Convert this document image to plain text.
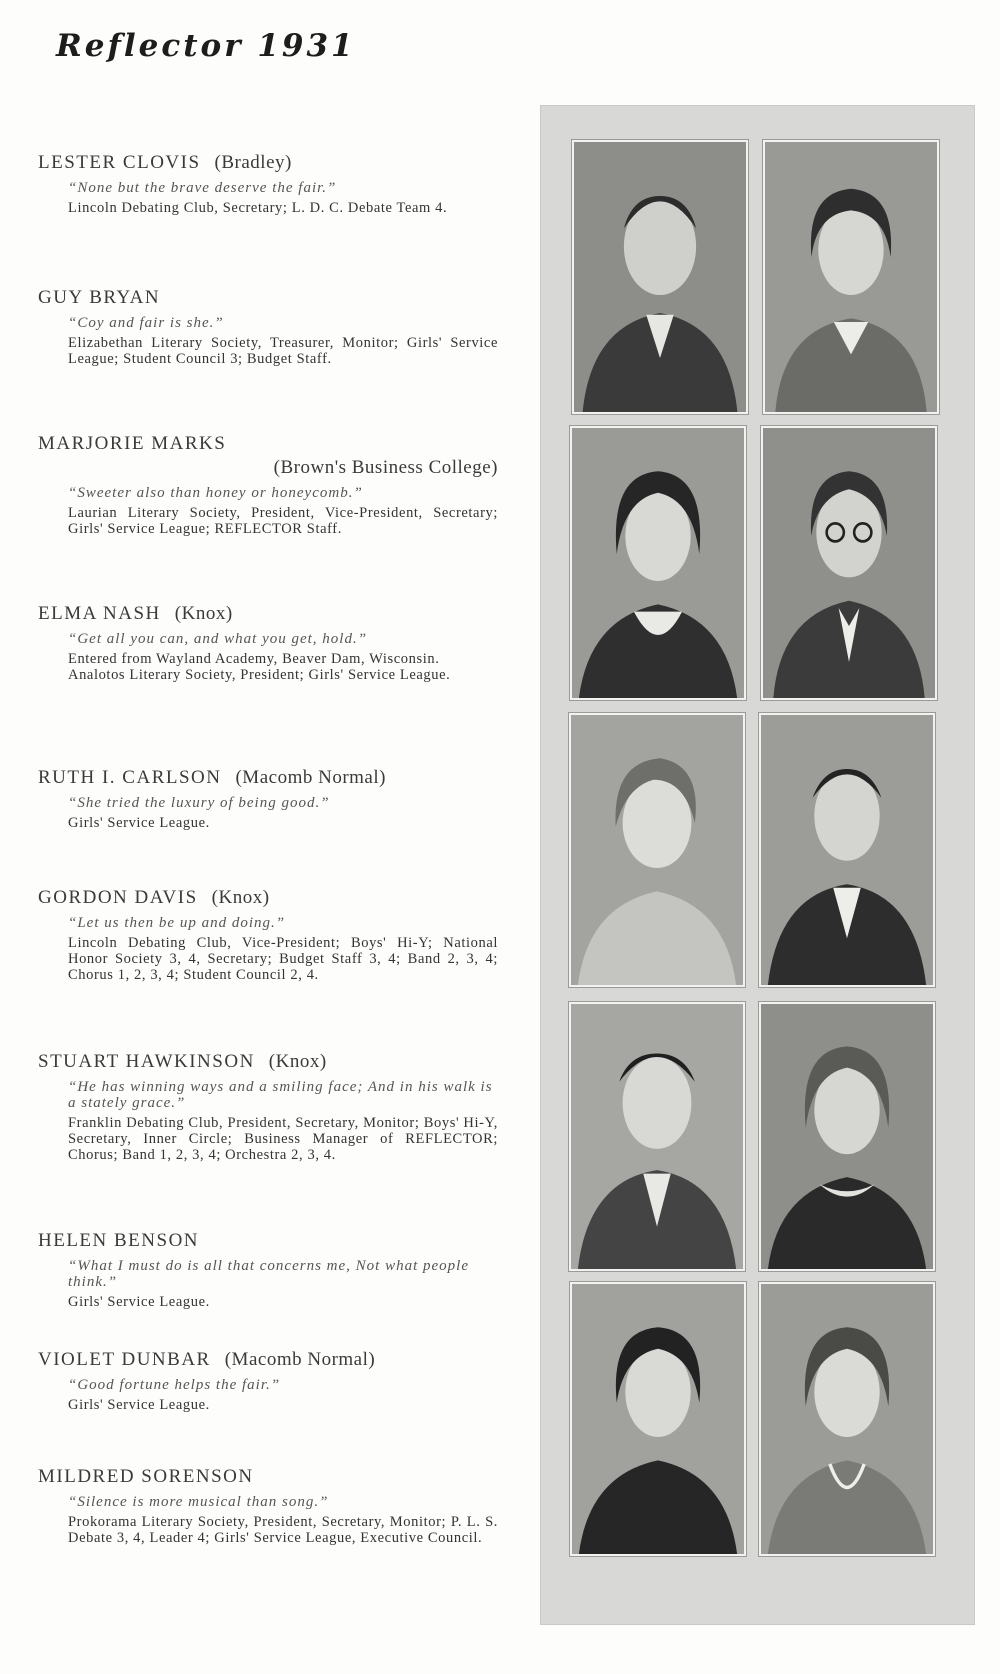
Reflector 1931
LESTER CLOVIS (Bradley)
“None but the brave deserve the fair.”
Lincoln Debating Club, Secretary; L. D. C. Debate Team 4.
GUY BRYAN
“Coy and fair is she.”
Elizabethan Literary Society, Treasurer, Monitor; Girls' Service League; Student Council 3; Budget Staff.
MARJORIE MARKS
(Brown's Business College)
“Sweeter also than honey or honeycomb.”
Laurian Literary Society, President, Vice-President, Secretary; Girls' Service League; REFLECTOR Staff.
ELMA NASH (Knox)
“Get all you can, and what you get, hold.”
Entered from Wayland Academy, Beaver Dam, Wisconsin.
Analotos Literary Society, President; Girls' Service League.
RUTH I. CARLSON (Macomb Normal)
“She tried the luxury of being good.”
Girls' Service League.
GORDON DAVIS (Knox)
“Let us then be up and doing.”
Lincoln Debating Club, Vice-President; Boys' Hi-Y; National Honor Society 3, 4, Secretary; Budget Staff 3, 4; Band 2, 3, 4; Chorus 1, 2, 3, 4; Student Council 2, 4.
STUART HAWKINSON (Knox)
“He has winning ways and a smiling face; And in his walk is a stately grace.”
Franklin Debating Club, President, Secretary, Monitor; Boys' Hi-Y, Secretary, Inner Circle; Business Manager of REFLECTOR; Chorus; Band 1, 2, 3, 4; Orchestra 2, 3, 4.
HELEN BENSON
“What I must do is all that concerns me, Not what people think.”
Girls' Service League.
VIOLET DUNBAR (Macomb Normal)
“Good fortune helps the fair.”
Girls' Service League.
MILDRED SORENSON
“Silence is more musical than song.”
Prokorama Literary Society, President, Secretary, Monitor; P. L. S. Debate 3, 4, Leader 4; Girls' Service League, Executive Council.
